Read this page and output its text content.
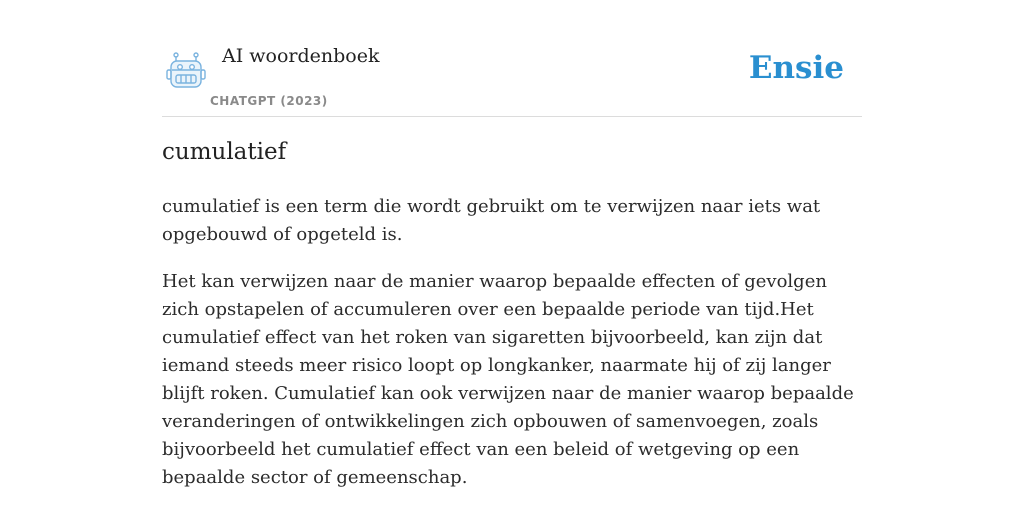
AI woordenboek
CHATGPT (2023)
Ensie
cumulatief

cumulatief is een term die wordt gebruikt om te verwijzen naar iets wat opgebouwd of opgeteld is.

Het kan verwijzen naar de manier waarop bepaalde effecten of gevolgen zich opstapelen of accumuleren over een bepaalde periode van tijd.Het cumulatief effect van het roken van sigaretten bijvoorbeeld, kan zijn dat iemand steeds meer risico loopt op longkanker, naarmate hij of zij langer blijft roken. Cumulatief kan ook verwijzen naar de manier waarop bepaalde veranderingen of ontwikkelingen zich opbouwen of samenvoegen, zoals bijvoorbeeld het cumulatief effect van een beleid of wetgeving op een bepaalde sector of gemeenschap.
